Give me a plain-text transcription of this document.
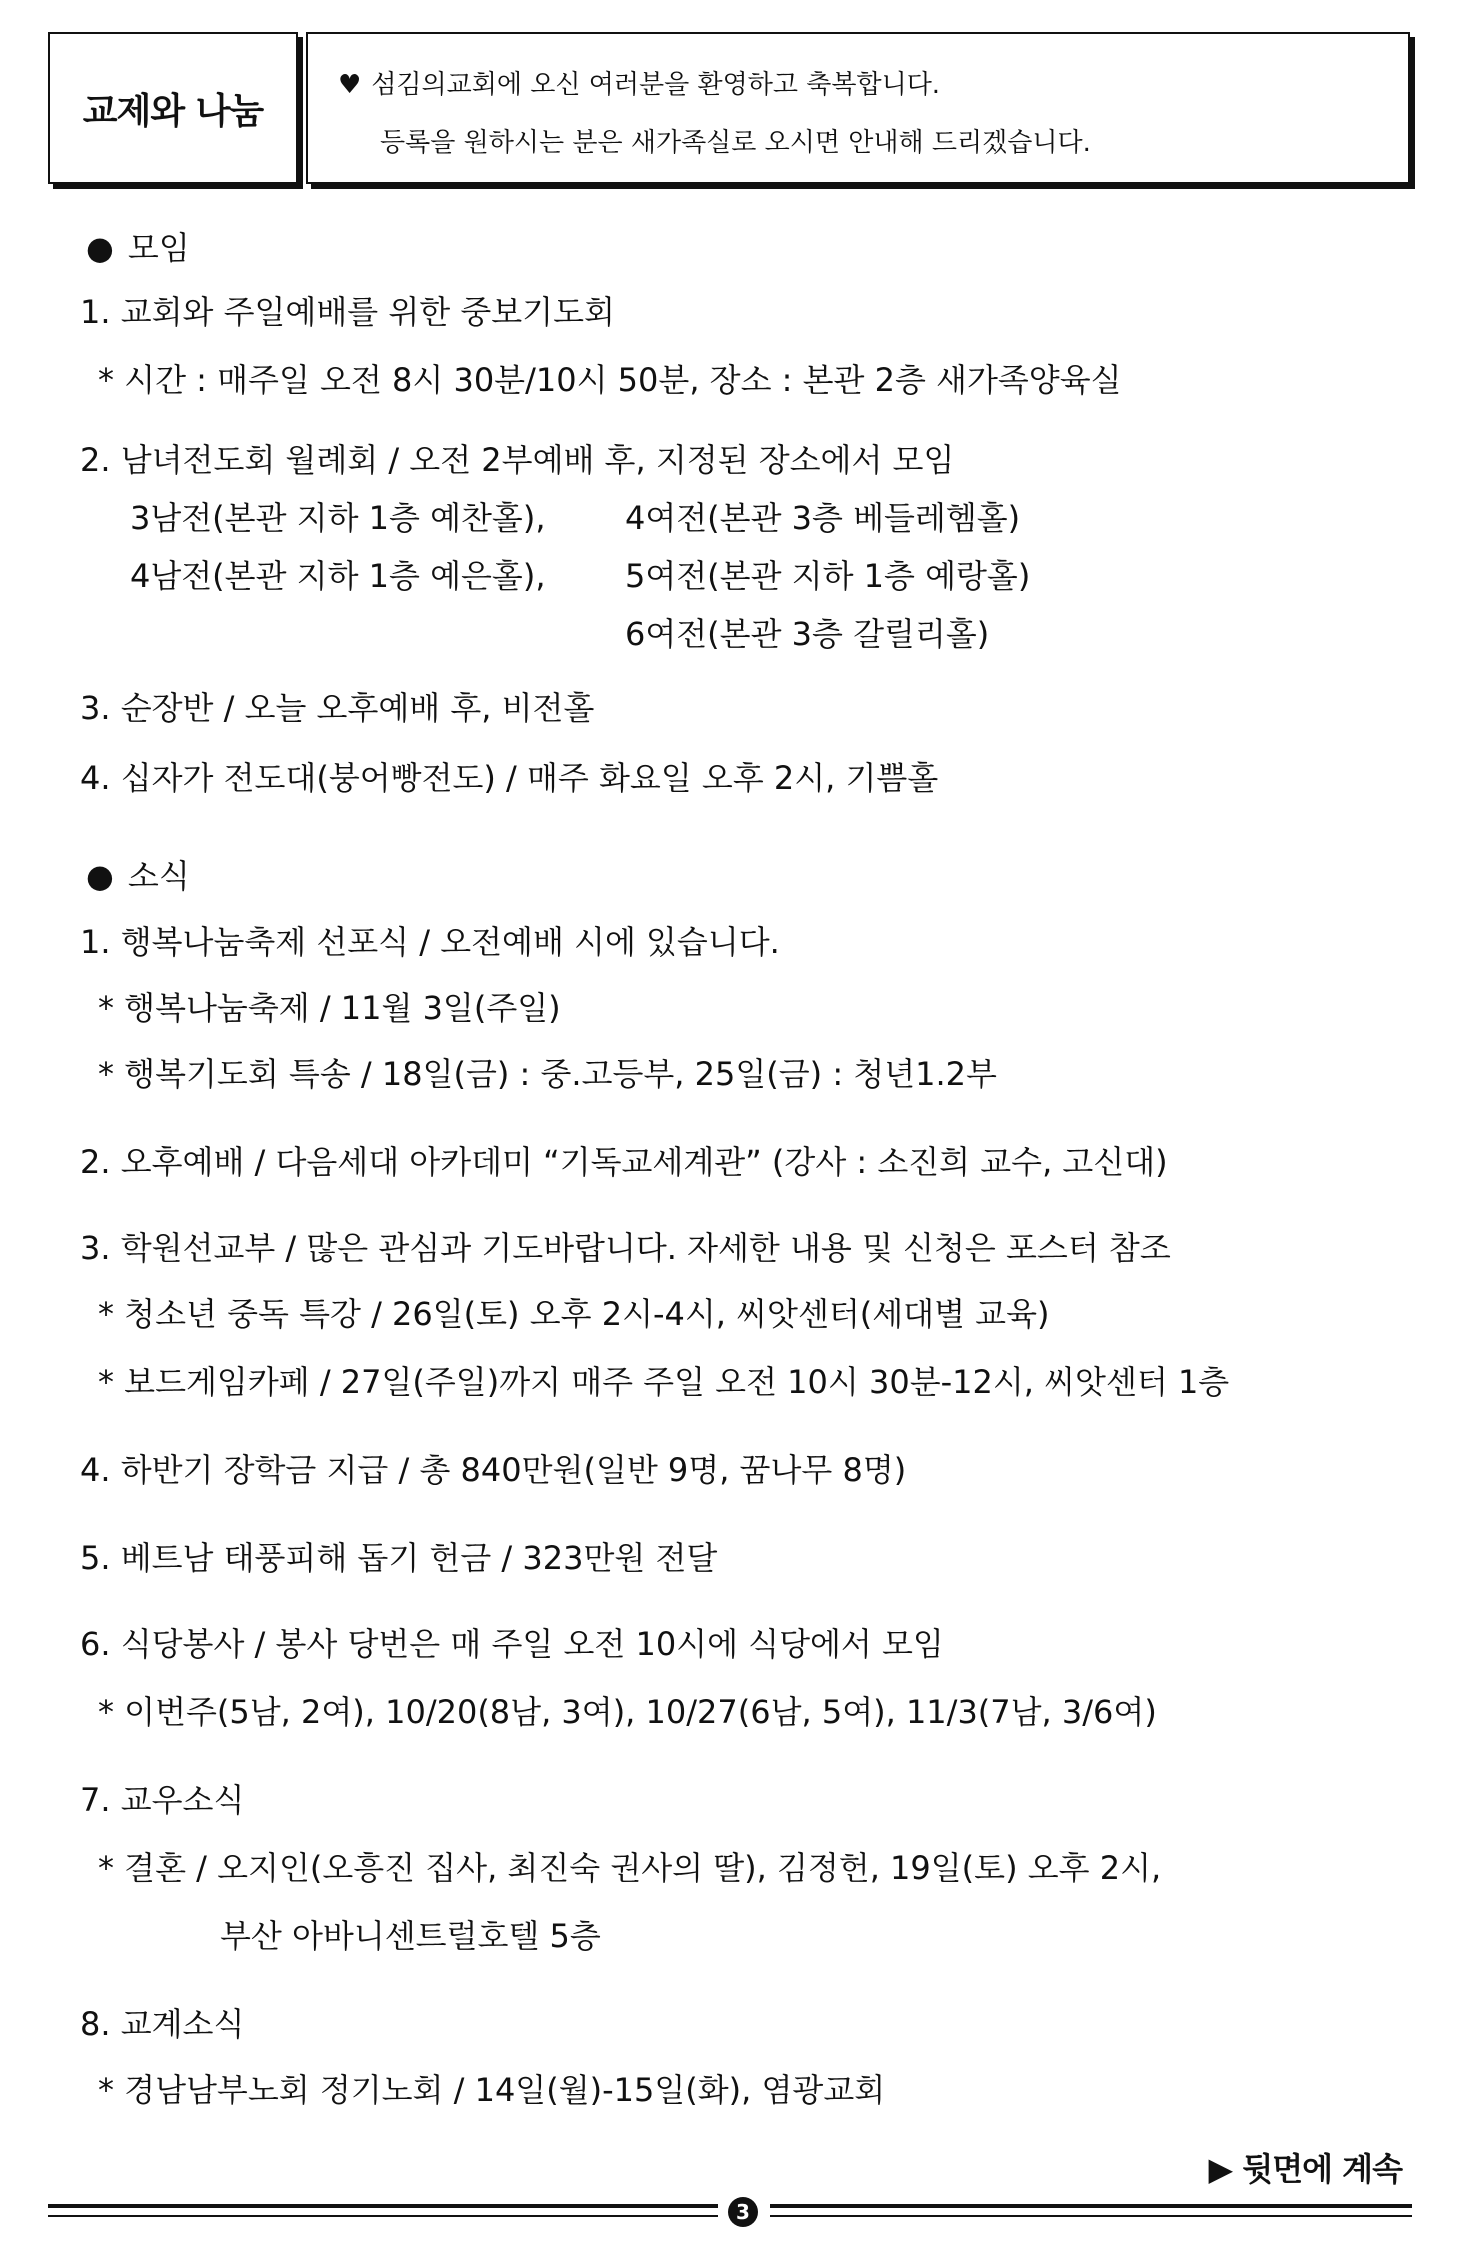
교제와 나눔
♥ 섬김의교회에 오신 여러분을 환영하고 축복합니다.
등록을 원하시는 분은 새가족실로 오시면 안내해 드리겠습니다.
● 모임
1. 교회와 주일예배를 위한 중보기도회
* 시간 : 매주일 오전 8시 30분/10시 50분, 장소 : 본관 2층 새가족양육실
2. 남녀전도회 월례회 / 오전 2부예배 후, 지정된 장소에서 모임
3남전(본관 지하 1층 예찬홀), 4여전(본관 3층 베들레헴홀)
4남전(본관 지하 1층 예은홀), 5여전(본관 지하 1층 예랑홀)
6여전(본관 3층 갈릴리홀)
3. 순장반 / 오늘 오후예배 후, 비전홀
4. 십자가 전도대(붕어빵전도) / 매주 화요일 오후 2시, 기쁨홀
● 소식
1. 행복나눔축제 선포식 / 오전예배 시에 있습니다.
* 행복나눔축제 / 11월 3일(주일)
* 행복기도회 특송 / 18일(금) : 중.고등부, 25일(금) : 청년1.2부
2. 오후예배 / 다음세대 아카데미 “기독교세계관” (강사 : 소진희 교수, 고신대)
3. 학원선교부 / 많은 관심과 기도바랍니다. 자세한 내용 및 신청은 포스터 참조
* 청소년 중독 특강 / 26일(토) 오후 2시-4시, 씨앗센터(세대별 교육)
* 보드게임카페 / 27일(주일)까지 매주 주일 오전 10시 30분-12시, 씨앗센터 1층
4. 하반기 장학금 지급 / 총 840만원(일반 9명, 꿈나무 8명)
5. 베트남 태풍피해 돕기 헌금 / 323만원 전달
6. 식당봉사 / 봉사 당번은 매 주일 오전 10시에 식당에서 모임
* 이번주(5남, 2여), 10/20(8남, 3여), 10/27(6남, 5여), 11/3(7남, 3/6여)
7. 교우소식
* 결혼 / 오지인(오흥진 집사, 최진숙 권사의 딸), 김정헌, 19일(토) 오후 2시,
부산 아바니센트럴호텔 5층
8. 교계소식
* 경남남부노회 정기노회 / 14일(월)-15일(화), 염광교회
▶ 뒷면에 계속
3
